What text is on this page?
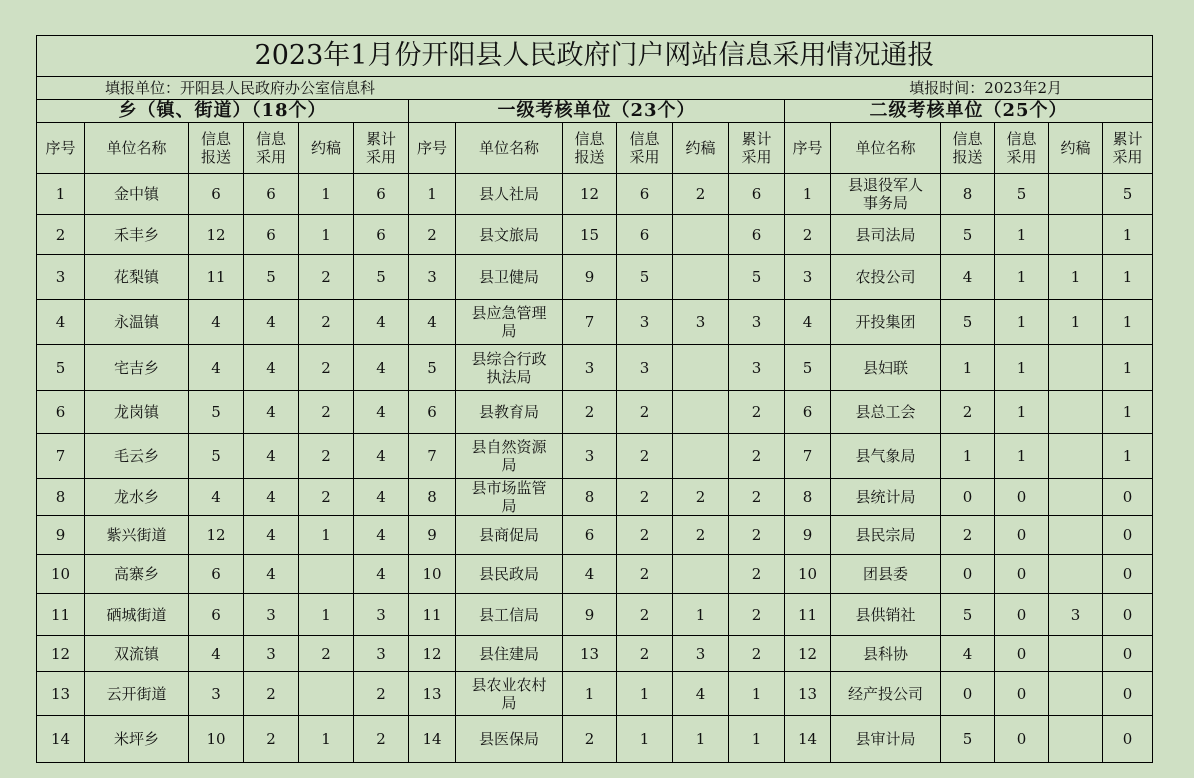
2023年1月份开阳县人民政府门户网站信息采用情况通报																	
填报单位：开阳县人民政府办公室信息科									填报时间：2023年2月								
乡（镇、街道）（18个）						一级考核单位（23个）						二级考核单位（25个）					
序号	单位名称	信息报送	信息采用	约稿	累计采用	序号	单位名称	信息报送	信息采用	约稿	累计采用	序号	单位名称	信息报送	信息采用	约稿	累计采用
1	金中镇	6	6	1	6	1	县人社局	12	6	2	6	1	县退役军人事务局	8	5		5
2	禾丰乡	12	6	1	6	2	县文旅局	15	6		6	2	县司法局	5	1		1
3	花梨镇	11	5	2	5	3	县卫健局	9	5		5	3	农投公司	4	1	1	1
4	永温镇	4	4	2	4	4	县应急管理局	7	3	3	3	4	开投集团	5	1	1	1
5	宅吉乡	4	4	2	4	5	县综合行政执法局	3	3		3	5	县妇联	1	1		1
6	龙岗镇	5	4	2	4	6	县教育局	2	2		2	6	县总工会	2	1		1
7	毛云乡	5	4	2	4	7	县自然资源局	3	2		2	7	县气象局	1	1		1
8	龙水乡	4	4	2	4	8	县市场监管局	8	2	2	2	8	县统计局	0	0		0
9	紫兴街道	12	4	1	4	9	县商促局	6	2	2	2	9	县民宗局	2	0		0
10	高寨乡	6	4		4	10	县民政局	4	2		2	10	团县委	0	0		0
11	硒城街道	6	3	1	3	11	县工信局	9	2	1	2	11	县供销社	5	0	3	0
12	双流镇	4	3	2	3	12	县住建局	13	2	3	2	12	县科协	4	0		0
13	云开街道	3	2		2	13	县农业农村局	1	1	4	1	13	经产投公司	0	0		0
14	米坪乡	10	2	1	2	14	县医保局	2	1	1	1	14	县审计局	5	0		0
